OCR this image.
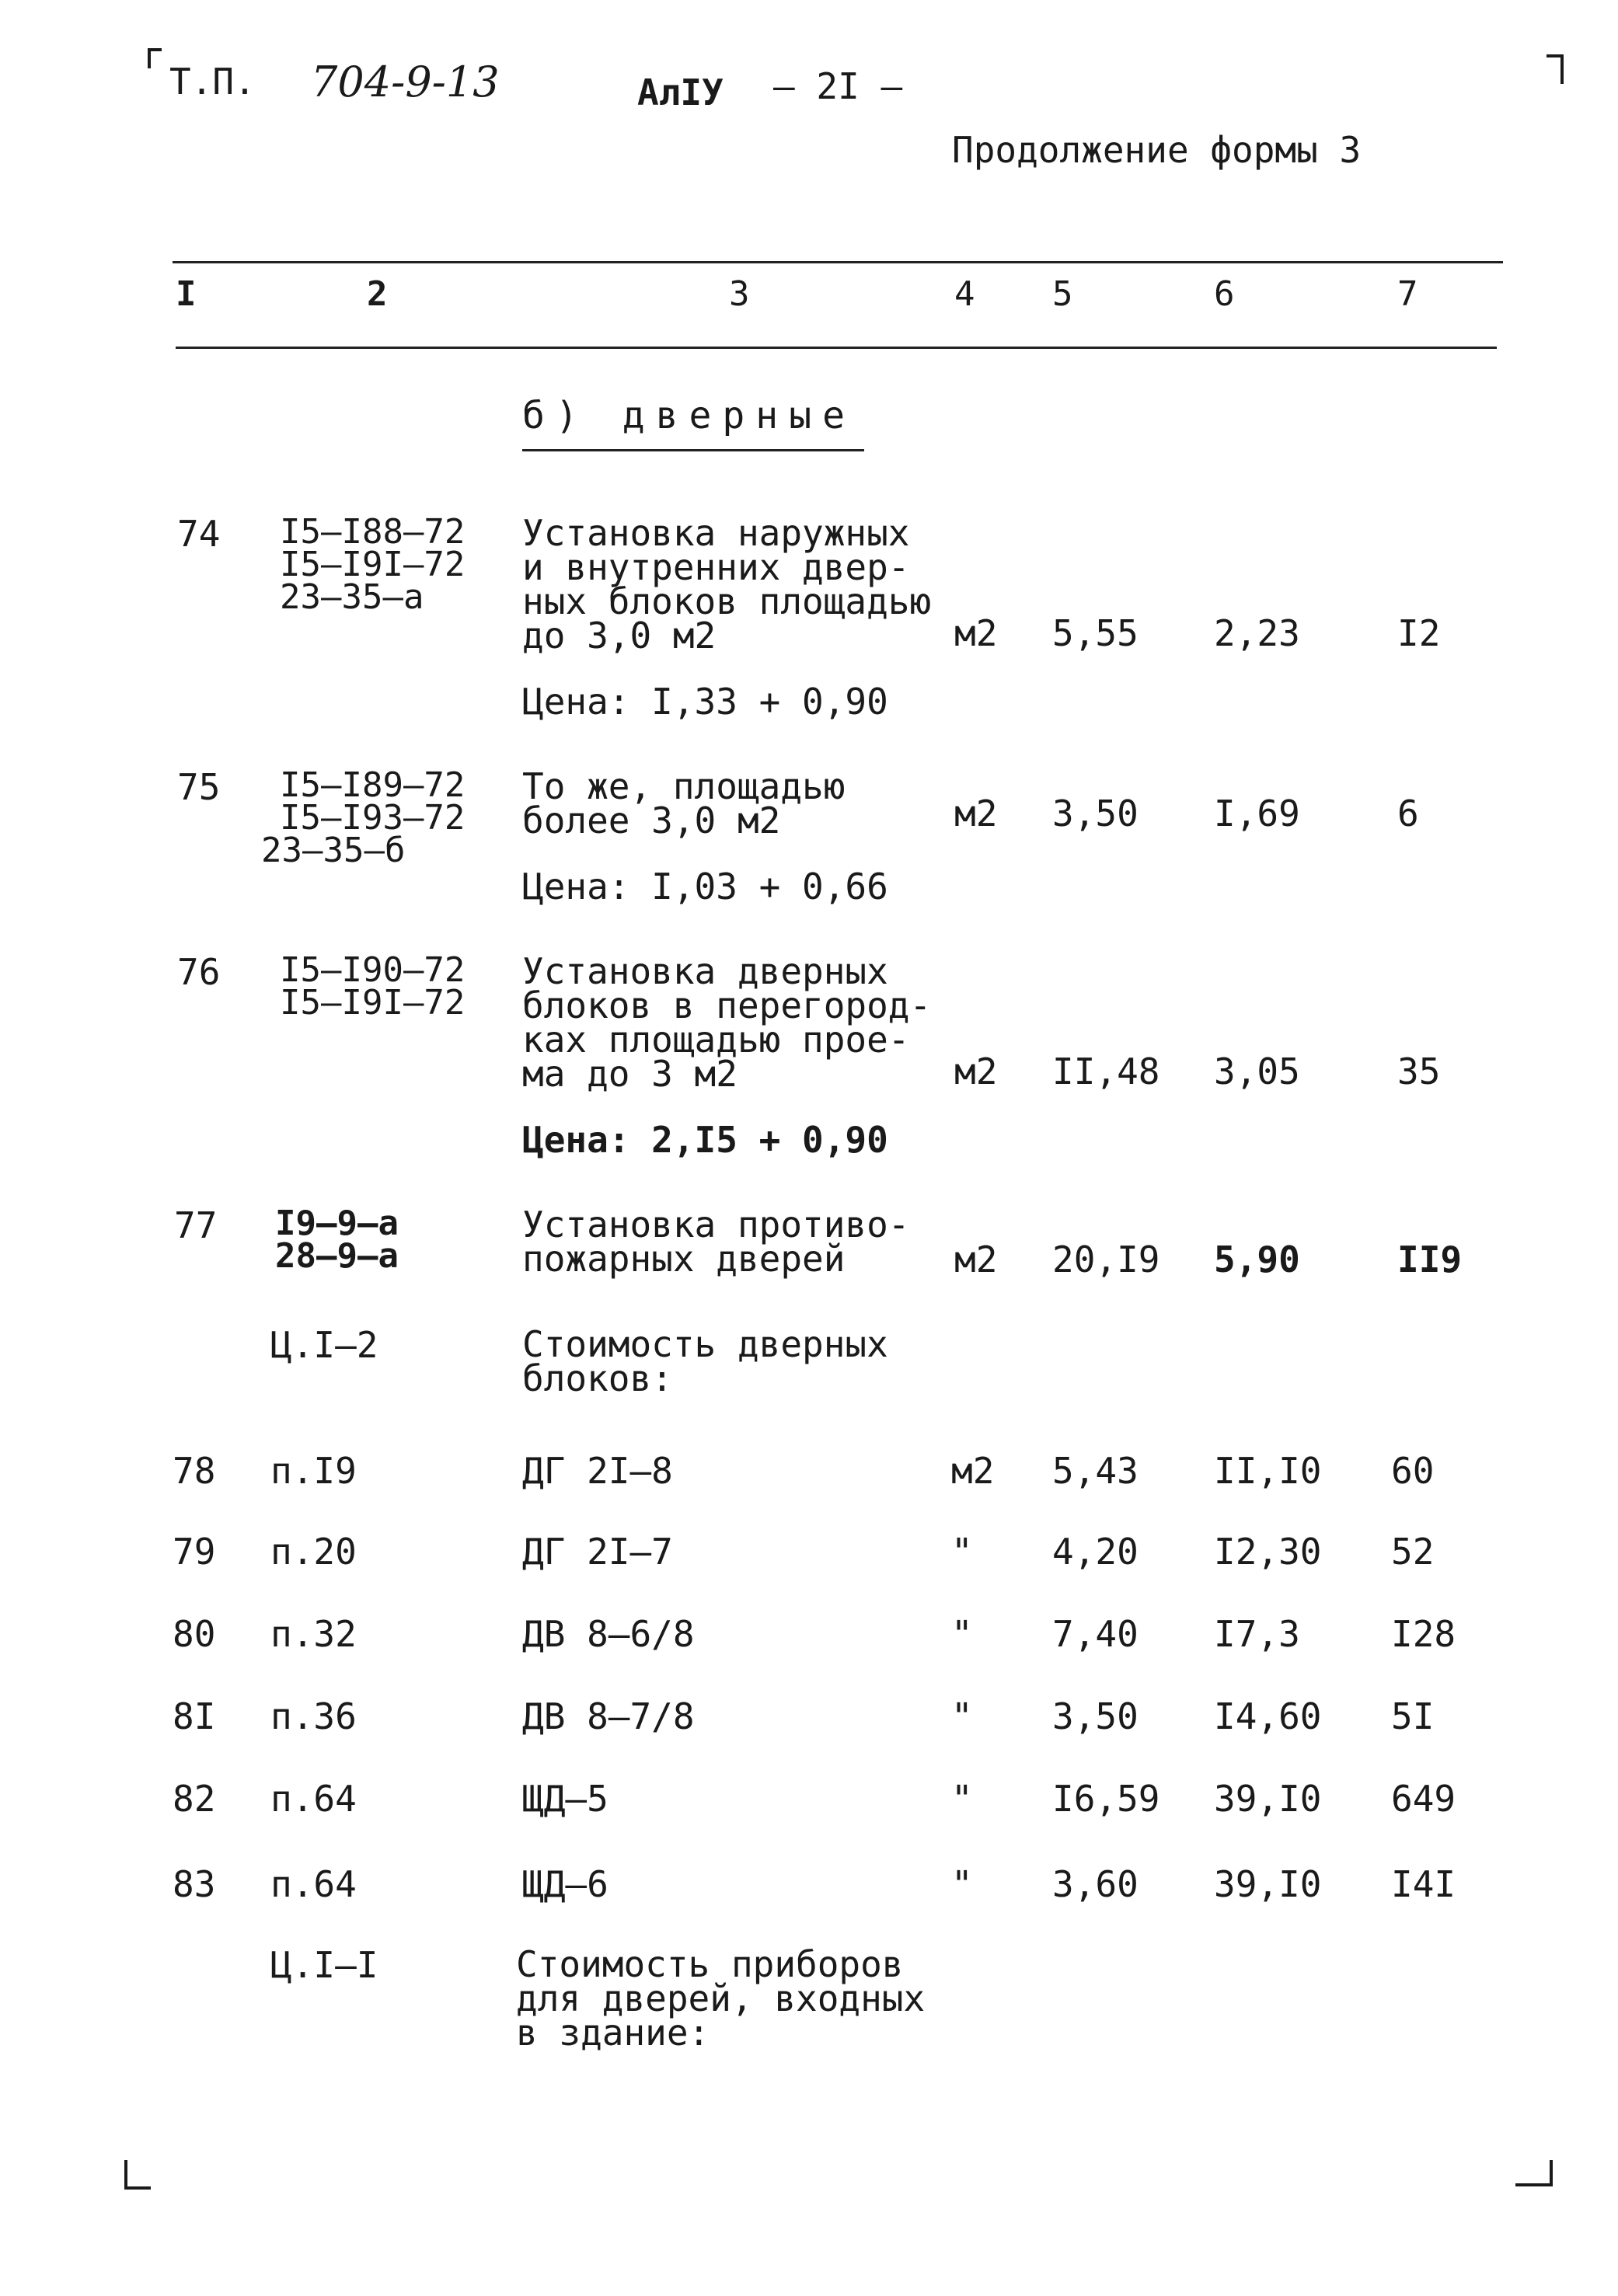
Т.П. 704-9-13	АлIУ — 2I —
Продолжение формы 3
I	2	3	4 5	6	7
б) дверные
74 I5–I88–72
I5–I9I–72
23–35–а
Установка наружных
и внутренних двер-
ных блоков площадью
до 3,0 м2	м2 5,55 2,23	I2
Цена: I,33 + 0,90
75	I5–I89–72
I5–I93–72
23–35–б
То же, площадью
более 3,0 м2	м2 3,50 I,69	6
Цена: I,03 + 0,66
76 I5–I90–72
I5–I9I–72
Установка дверных
блоков в перегород-
ках площадью прое-
ма до 3 м2	м2 II,48 3,05	35
Цена: 2,I5 + 0,90
77 I9–9–а
28–9–а
Установка противо-
пожарных дверей	м2 20,I9 5,90	II9
Ц.I–2	Стоимость дверных
блоков:
78 п.I9	ДГ 2I–8	м2 5,43 II,I0 60
79 п.20	ДГ 2I–7	" 4,20 I2,30 52
80 п.32	ДВ 8–6/8	" 7,40 I7,3	I28
8I п.36	ДВ 8–7/8	" 3,50 I4,60 5I
82 п.64	ЩД–5	" I6,59 39,I0 649
83 п.64	ЩД–6	" 3,60 39,I0 I4I
Ц.I–I	Стоимость приборов
для дверей, входных
в здание:
